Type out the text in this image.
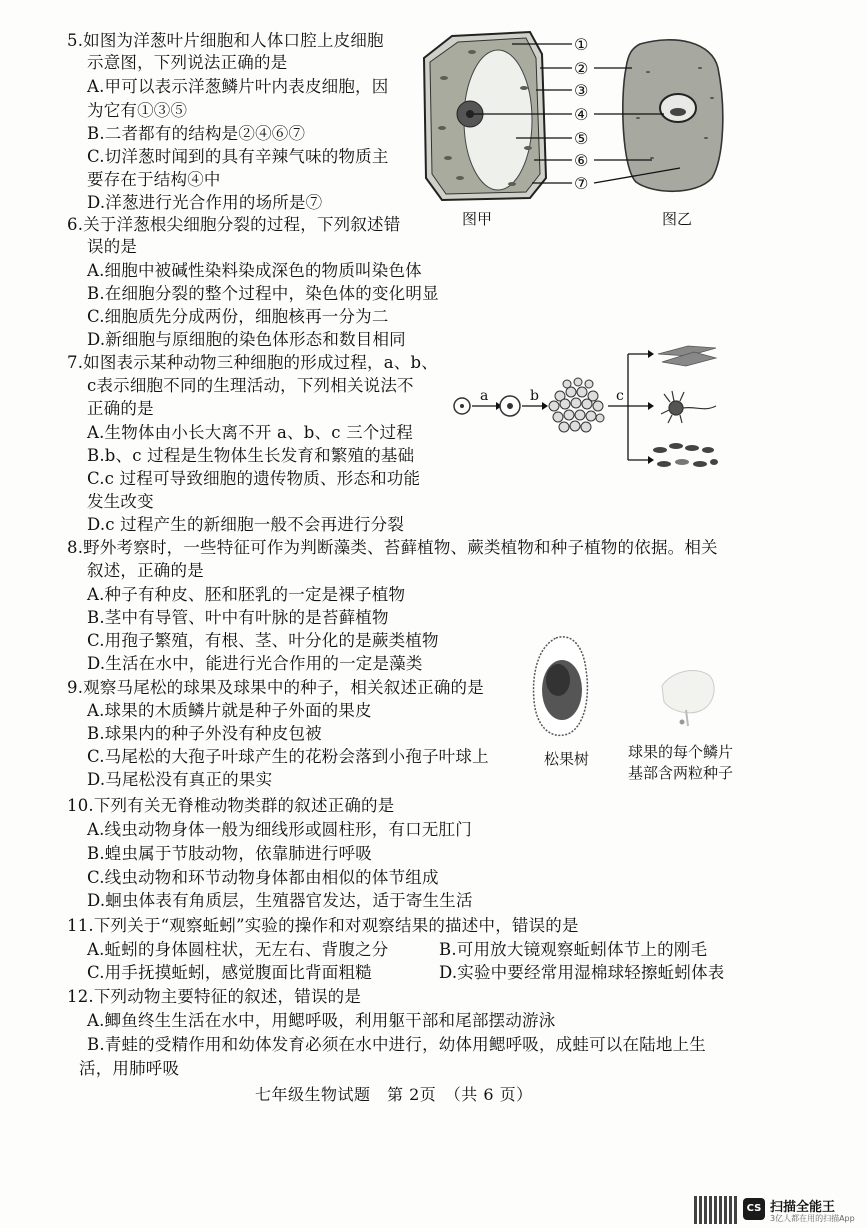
5.如图为洋葱叶片细胞和人体口腔上皮细胞
示意图，下列说法正确的是
A.甲可以表示洋葱鳞片叶内表皮细胞，因
为它有①③⑤
B.二者都有的结构是②④⑥⑦
C.切洋葱时闻到的具有辛辣气味的物质主
要存在于结构④中
D.洋葱进行光合作用的场所是⑦
6.关于洋葱根尖细胞分裂的过程，下列叙述错
误的是
A.细胞中被碱性染料染成深色的物质叫染色体
B.在细胞分裂的整个过程中，染色体的变化明显
C.细胞质先分成两份，细胞核再一分为二
D.新细胞与原细胞的染色体形态和数目相同
7.如图表示某种动物三种细胞的形成过程，a、b、
c表示细胞不同的生理活动，下列相关说法不
正确的是
A.生物体由小长大离不开 a、b、c 三个过程
B.b、c 过程是生物体生长发育和繁殖的基础
C.c 过程可导致细胞的遗传物质、形态和功能
发生改变
D.c 过程产生的新细胞一般不会再进行分裂
8.野外考察时，一些特征可作为判断藻类、苔藓植物、蕨类植物和种子植物的依据。相关
叙述，正确的是
A.种子有种皮、胚和胚乳的一定是裸子植物
B.茎中有导管、叶中有叶脉的是苔藓植物
C.用孢子繁殖，有根、茎、叶分化的是蕨类植物
D.生活在水中，能进行光合作用的一定是藻类
9.观察马尾松的球果及球果中的种子，相关叙述正确的是
A.球果的木质鳞片就是种子外面的果皮
B.球果内的种子外没有种皮包被
C.马尾松的大孢子叶球产生的花粉会落到小孢子叶球上
D.马尾松没有真正的果实
10.下列有关无脊椎动物类群的叙述正确的是
A.线虫动物身体一般为细线形或圆柱形，有口无肛门
B.蝗虫属于节肢动物，依靠肺进行呼吸
C.线虫动物和环节动物身体都由相似的体节组成
D.蛔虫体表有角质层，生殖器官发达，适于寄生生活
11.下列关于“观察蚯蚓”实验的操作和对观察结果的描述中，错误的是
A.蚯蚓的身体圆柱状，无左右、背腹之分	B.可用放大镜观察蚯蚓体节上的刚毛
C.用手抚摸蚯蚓，感觉腹面比背面粗糙	D.实验中要经常用湿棉球轻擦蚯蚓体表
12.下列动物主要特征的叙述，错误的是
A.鲫鱼终生生活在水中，用鳃呼吸，利用躯干部和尾部摆动游泳
B.青蛙的受精作用和幼体发育必须在水中进行，幼体用鳃呼吸，成蛙可以在陆地上生
活，用肺呼吸
①
②
③
④
⑤
⑥
⑦
图甲	图乙
a	b	c
松果树	球果的每个鳞片
基部含两粒种子
七年级生物试题　第 2页　（共 6 页）
CS 扫描全能王
3亿人都在用的扫描App
